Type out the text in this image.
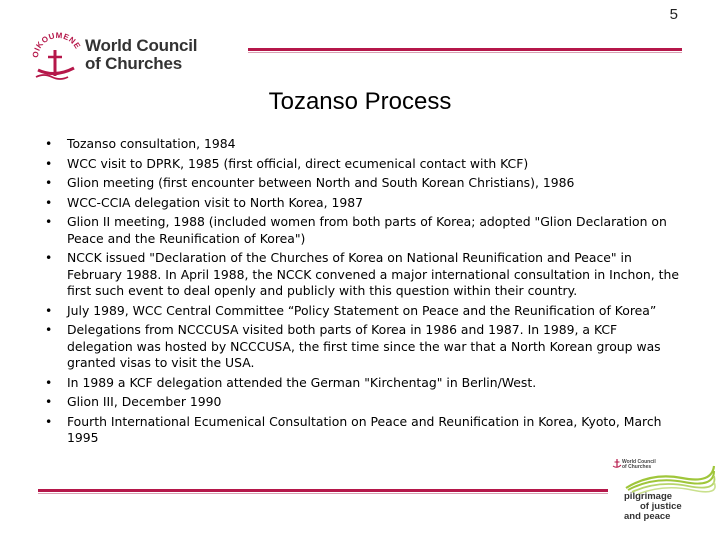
5
OIKOUMENE World Council
of Churches
Tozanso Process
• Tozanso consultation, 1984
• WCC visit to DPRK, 1985 (first official, direct ecumenical contact with KCF)
• Glion meeting (first encounter between North and South Korean Christians), 1986
• WCC-CCIA delegation visit to North Korea, 1987
• Glion II meeting, 1988 (included women from both parts of Korea; adopted "Glion Declaration on Peace and the Reunification of Korea")
• NCCK issued "Declaration of the Churches of Korea on National Reunification and Peace" in February 1988. In April 1988, the NCCK convened a major international consultation in Inchon, the first such event to deal openly and publicly with this question within their country.
• July 1989, WCC Central Committee “Policy Statement on Peace and the Reunification of Korea”
• Delegations from NCCCUSA visited both parts of Korea in 1986 and 1987. In 1989, a KCF delegation was hosted by NCCCUSA, the first time since the war that a North Korean group was granted visas to visit the USA.
• In 1989 a KCF delegation attended the German "Kirchentag" in Berlin/West.
• Glion III, December 1990
• Fourth International Ecumenical Consultation on Peace and Reunification in Korea, Kyoto, March 1995
World Council
of Churches
pilgrimage
of justice
and peace
